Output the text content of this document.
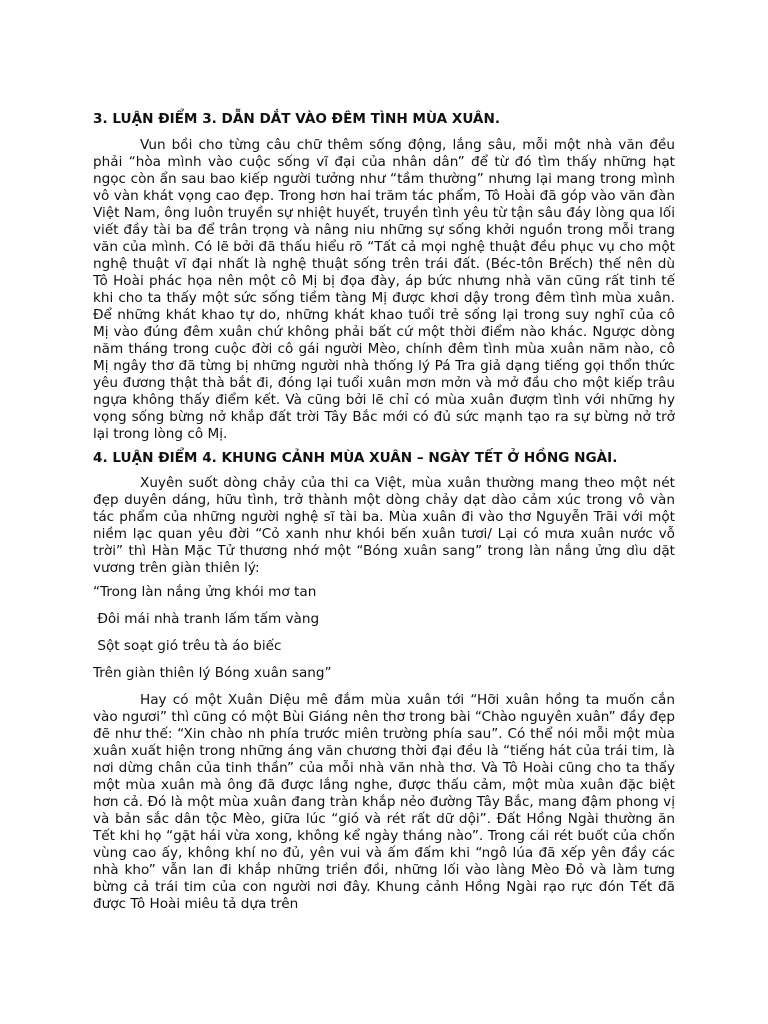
3. LUẬN ĐIỂM 3. DẪN DẮT VÀO ĐÊM TÌNH MÙA XUÂN.

Vun bồi cho từng câu chữ thêm sống động, lắng sâu, mỗi một nhà văn đều phải “hòa mình vào cuộc sống vĩ đại của nhân dân” để từ đó tìm thấy những hạt ngọc còn ẩn sau bao kiếp người tưởng như “tầm thường” nhưng lại mang trong mình vô vàn khát vọng cao đẹp. Trong hơn hai trăm tác phẩm, Tô Hoài đã góp vào văn đàn Việt Nam, ông luôn truyền sự nhiệt huyết, truyền tình yêu từ tận sâu đáy lòng qua lối viết đầy tài ba để trân trọng và nâng niu những sự sống khởi nguồn trong mỗi trang văn của mình. Có lẽ bởi đã thấu hiểu rõ “Tất cả mọi nghệ thuật đều phục vụ cho một nghệ thuật vĩ đại nhất là nghệ thuật sống trên trái đất. (Béc-tôn Brếch) thế nên dù Tô Hoài phác họa nên một cô Mị bị đọa đày, áp bức nhưng nhà văn cũng rất tinh tế khi cho ta thấy một sức sống tiềm tàng Mị được khơi dậy trong đêm tình mùa xuân. Để những khát khao tự do, những khát khao tuổi trẻ sống lại trong suy nghĩ của cô Mị vào đúng đêm xuân chứ không phải bất cứ một thời điểm nào khác. Ngược dòng năm tháng trong cuộc đời cô gái người Mèo, chính đêm tình mùa xuân năm nào, cô Mị ngây thơ đã từng bị những người nhà thống lý Pá Tra giả dạng tiếng gọi thổn thức yêu đương thật thà bắt đi, đóng lại tuổi xuân mơn mởn và mở đầu cho một kiếp trâu ngựa không thấy điểm kết. Và cũng bởi lẽ chỉ có mùa xuân đượm tình với những hy vọng sống bừng nở khắp đất trời Tây Bắc mới có đủ sức mạnh tạo ra sự bừng nở trở lại trong lòng cô Mị.

4. LUẬN ĐIỂM 4. KHUNG CẢNH MÙA XUÂN – NGÀY TẾT Ở HỒNG NGÀI.

Xuyên suốt dòng chảy của thi ca Việt, mùa xuân thường mang theo một nét đẹp duyên dáng, hữu tình, trở thành một dòng chảy dạt dào cảm xúc trong vô vàn tác phẩm của những người nghệ sĩ tài ba. Mùa xuân đi vào thơ Nguyễn Trãi với một niềm lạc quan yêu đời “Cỏ xanh như khói bến xuân tươi/ Lại có mưa xuân nước vỗ trời” thì Hàn Mặc Tử thương nhớ một “Bóng xuân sang” trong làn nắng ửng dìu dặt vương trên giàn thiên lý:

“Trong làn nắng ửng khói mơ tan
Đôi mái nhà tranh lấm tấm vàng
Sột soạt gió trêu tà áo biếc
Trên giàn thiên lý Bóng xuân sang”

Hay có một Xuân Diệu mê đắm mùa xuân tới “Hỡi xuân hồng ta muốn cắn vào ngươi” thì cũng có một Bùi Giáng nên thơ trong bài “Chào nguyên xuân” đầy đẹp đẽ như thế: “Xin chào nh phía trước miên trường phía sau”. Có thể nói mỗi một mùa xuân xuất hiện trong những áng văn chương thời đại đều là “tiếng hát của trái tim, là nơi dừng chân của tinh thần” của mỗi nhà văn nhà thơ. Và Tô Hoài cũng cho ta thấy một mùa xuân mà ông đã được lắng nghe, được thấu cảm, một mùa xuân đặc biệt hơn cả. Đó là một mùa xuân đang tràn khắp nẻo đường Tây Bắc, mang đậm phong vị và bản sắc dân tộc Mèo, giữa lúc “gió và rét rất dữ dội”. Đất Hồng Ngài thường ăn Tết khi họ “gặt hái vừa xong, không kể ngày tháng nào”. Trong cái rét buốt của chốn vùng cao ấy, không khí no đủ, yên vui và ấm đấm khi “ngô lúa đã xếp yên đầy các nhà kho” vẫn lan đi khắp những triền đồi, những lối vào làng Mèo Đỏ và làm tưng bừng cả trái tim của con người nơi đây. Khung cảnh Hồng Ngài rạo rực đón Tết đã được Tô Hoài miêu tả dựa trên
